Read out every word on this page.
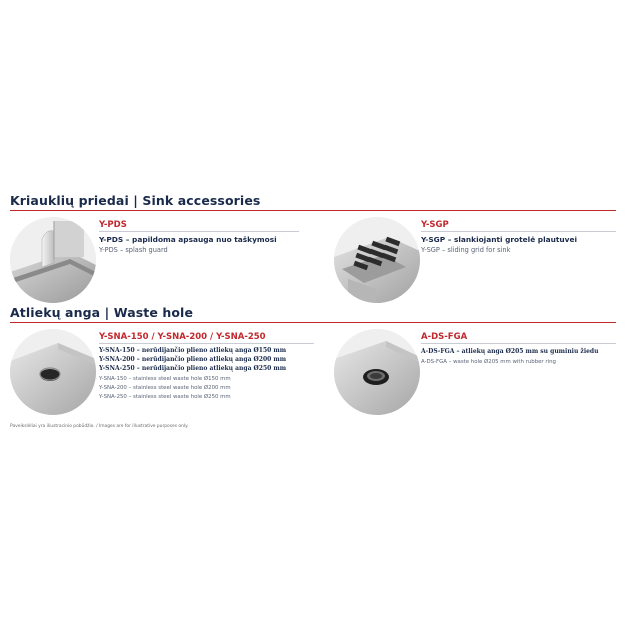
Kriauklių priedai | Sink accessories
Y-PDS
Y-PDS – papildoma apsauga nuo taškymosi
Y-PDS – splash guard
Y-SGP
Y-SGP – slankiojanti grotelė plautuvei
Y-SGP – sliding grid for sink
Atliekų anga | Waste hole
Y-SNA-150 / Y-SNA-200 / Y-SNA-250
Y-SNA-150 – nerūdijančio plieno atliekų anga Ø150 mm
Y-SNA-200 – nerūdijančio plieno atliekų anga Ø200 mm
Y-SNA-250 – nerūdijančio plieno atliekų anga Ø250 mm
Y-SNA-150 – stainless steel waste hole Ø150 mm
Y-SNA-200 – stainless steel waste hole Ø200 mm
Y-SNA-250 – stainless steel waste hole Ø250 mm
A-DS-FGA
A-DS-FGA – atliekų anga Ø205 mm su guminiu žiedu
A-DS-FGA – waste hole Ø205 mm with rubber ring
Paveikslėliai yra iliustracinio pobūdžio. / Images are for illustrative purposes only.
